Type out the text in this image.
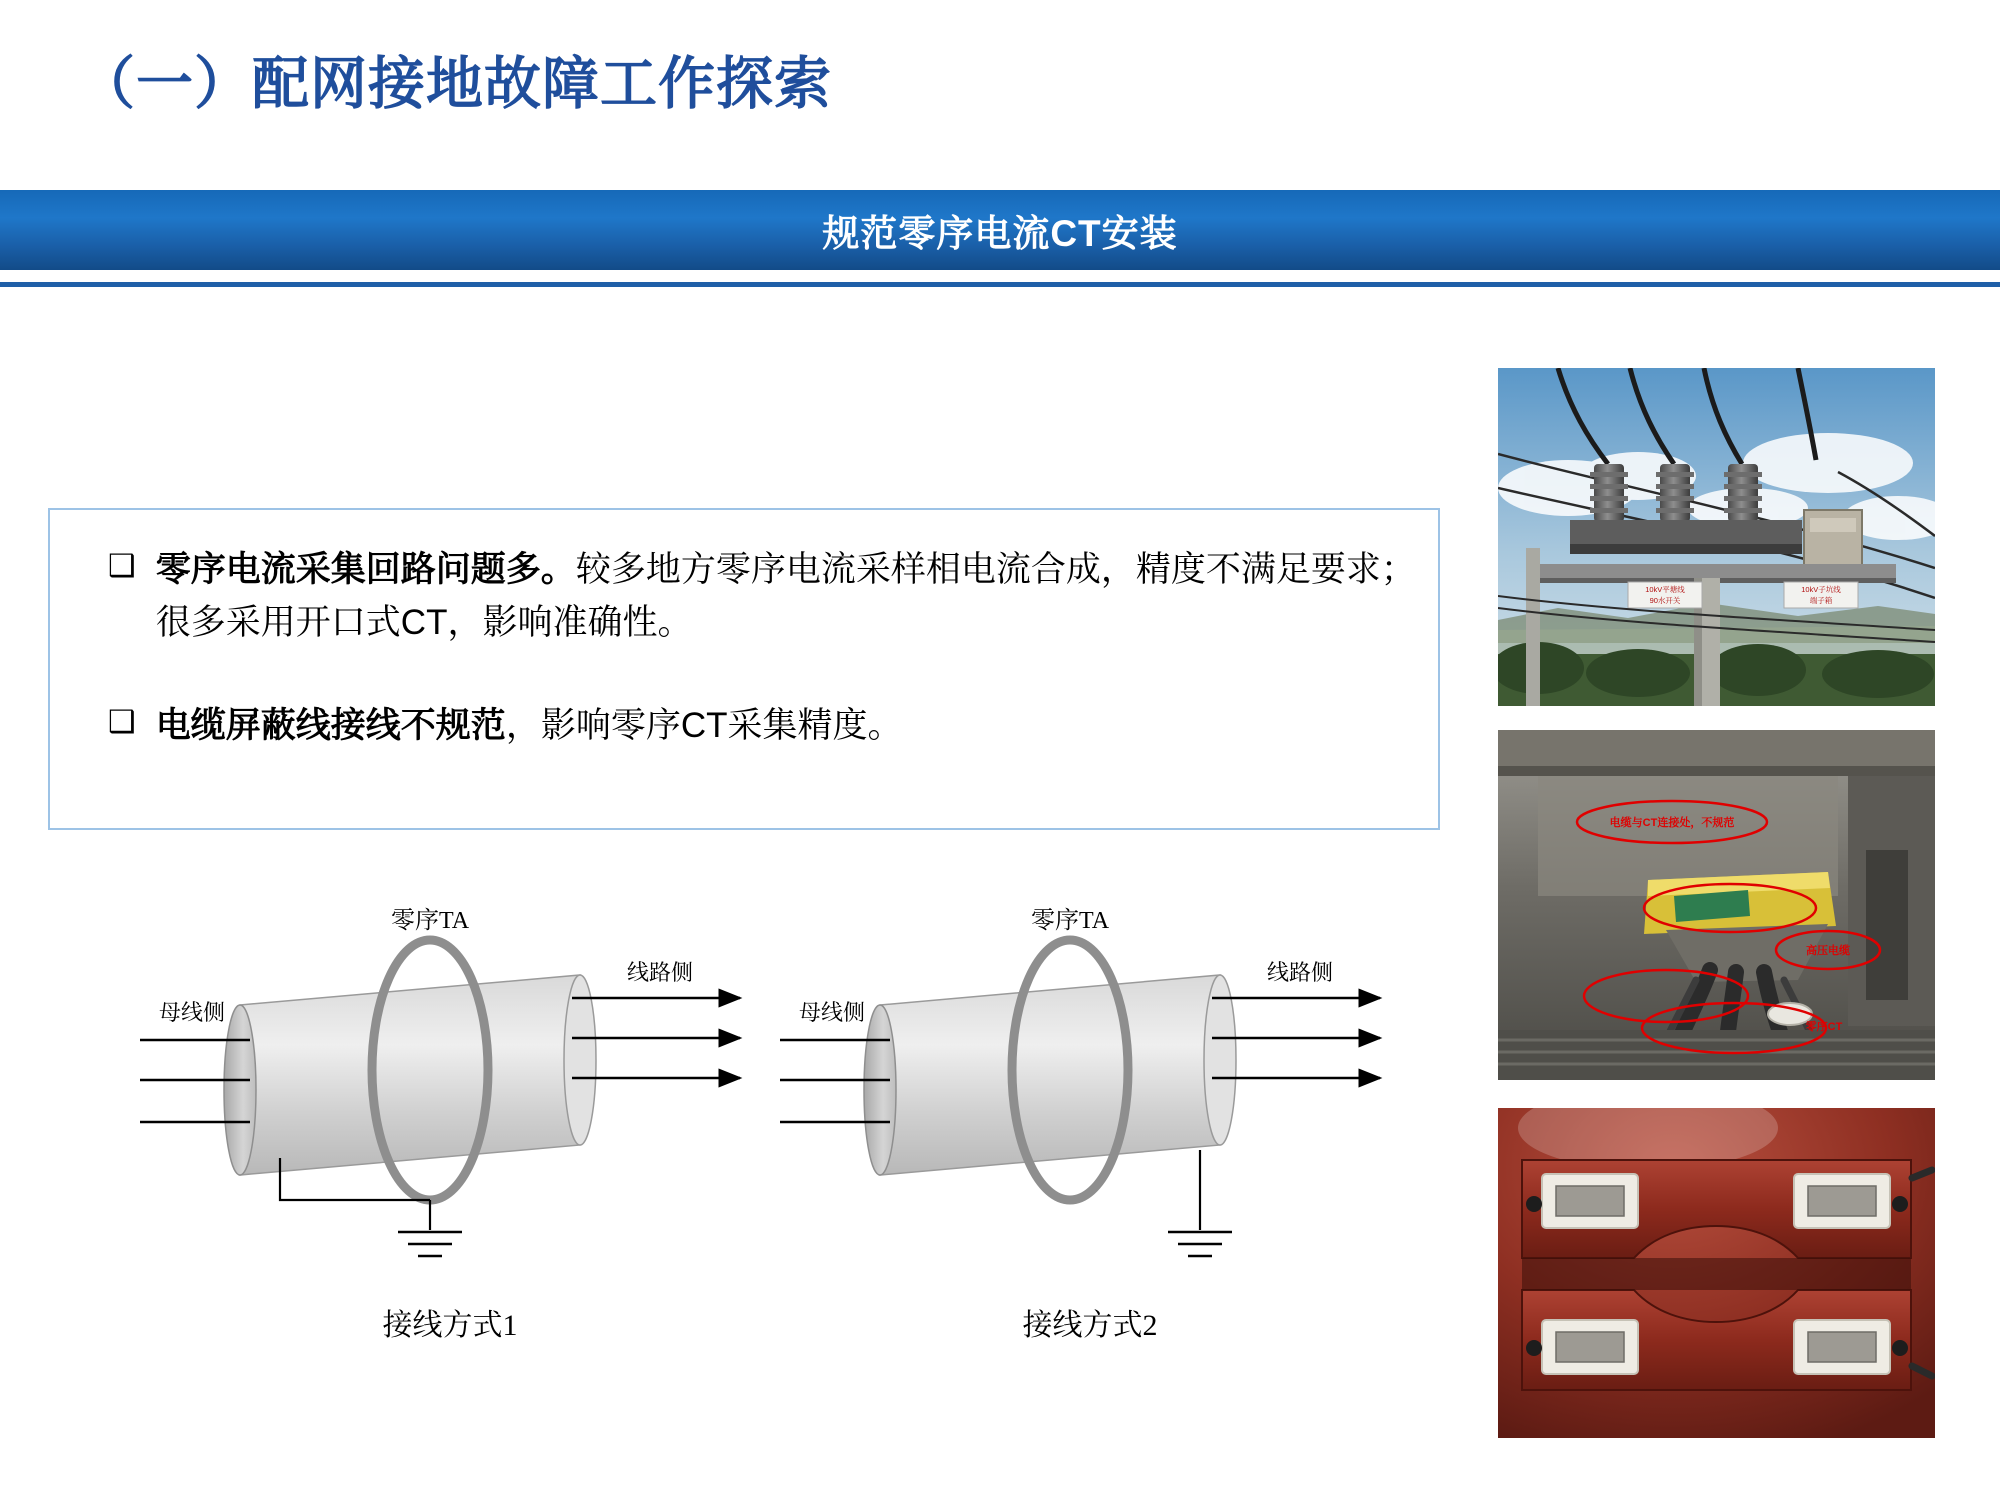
（一）配网接地故障工作探索
规范零序电流CT安装
❑ 零序电流采集回路问题多。较多地方零序电流采样相电流合成，精度不满足要求；很多采用开口式CT，影响准确性。
❑ 电缆屏蔽线接线不规范，影响零序CT采集精度。
零序TA
母线侧
线路侧
接线方式1
零序TA
母线侧
线路侧
接线方式2
10kV平塘线
90水开关
10kV子坑线
端子箱
电缆与CT连接处，不规范
高压电缆
零序CT
